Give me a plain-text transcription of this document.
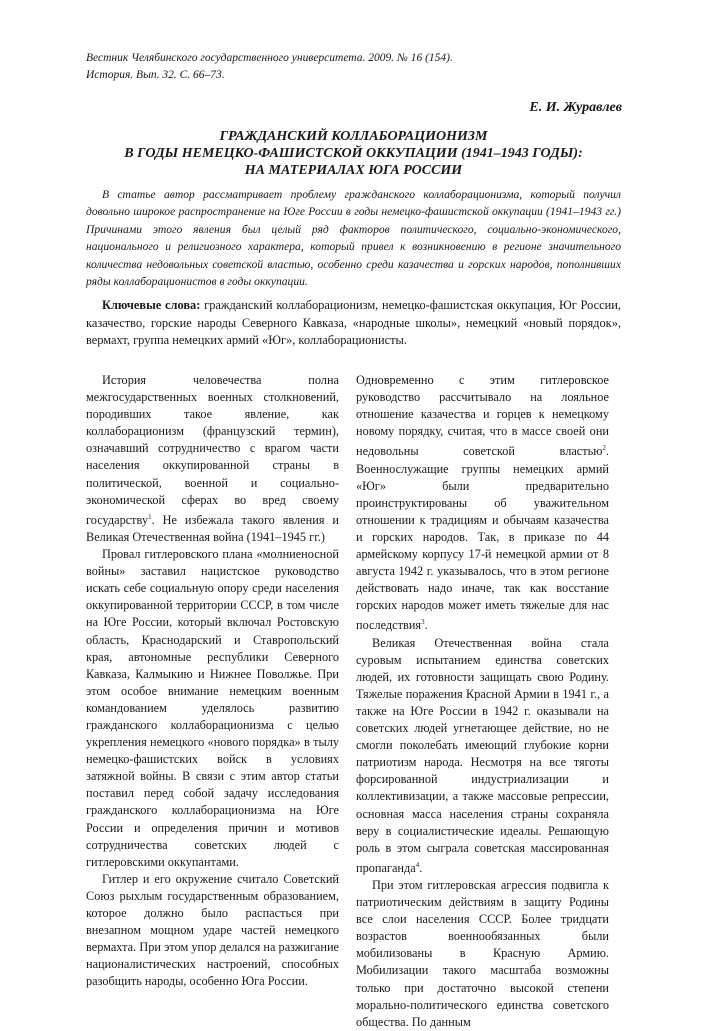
Вестник Челябинского государственного университета. 2009. № 16 (154).
История. Вып. 32. С. 66–73.
Е. И. Журавлев
ГРАЖДАНСКИЙ КОЛЛАБОРАЦИОНИЗМ
В ГОДЫ НЕМЕЦКО-ФАШИСТСКОЙ ОККУПАЦИИ (1941–1943 ГОДЫ):
НА МАТЕРИАЛАХ ЮГА РОССИИ

В статье автор рассматривает проблему гражданского коллаборационизма, который получил довольно широкое распространение на Юге России в годы немецко-фашистской оккупации (1941–1943 гг.) Причинами этого явления был целый ряд факторов политического, социально-экономического, национального и религиозного характера, который привел к возникновению в регионе значительного количества недовольных советской властью, особенно среди казачества и горских народов, пополнивших ряды коллаборационистов в годы оккупации.

Ключевые слова: гражданский коллаборационизм, немецко-фашистская оккупация, Юг России, казачество, горские народы Северного Кавказа, «народные школы», немецкий «новый порядок», вермахт, группа немецких армий «Юг», коллаборационисты.

История человечества полна межгосударственных военных столкновений, породивших такое явление, как коллаборационизм (французский термин), означавший сотрудничество с врагом части населения оккупированной страны в политической, военной и социально-экономической сферах во вред своему государству$^1$. Не избежала такого явления и Великая Отечественная война (1941–1945 гг.)

Провал гитлеровского плана «молниеносной войны» заставил нацистское руководство искать себе социальную опору среди населения оккупированной территории СССР, в том числе на Юге России, который включал Ростовскую область, Краснодарский и Ставропольский края, автономные республики Северного Кавказа, Калмыкию и Нижнее Поволжье. При этом особое внимание немецким военным командованием уделялось развитию гражданского коллаборационизма с целью укрепления немецкого «нового порядка» в тылу немецко-фашистских войск в условиях затяжной войны. В связи с этим автор статьи поставил перед собой задачу исследования гражданского коллаборационизма на Юге России и определения причин и мотивов сотрудничества советских людей с гитлеровскими оккупантами.

Гитлер и его окружение считало Советский Союз рыхлым государственным образованием, которое должно было распасться при внезапном мощном ударе частей немецкого вермахта. При этом упор делался на разжигание националистических настроений, способных разобщить народы, особенно Юга России.

Одновременно с этим гитлеровское руководство рассчитывало на лояльное отношение казачества и горцев к немецкому новому порядку, считая, что в массе своей они недовольны советской властью$^2$. Военнослужащие группы немецких армий «Юг» были предварительно проинструктированы об уважительном отношении к традициям и обычаям казачества и горских народов. Так, в приказе по 44 армейскому корпусу 17-й немецкой армии от 8 августа 1942 г. указывалось, что в этом регионе действовать надо иначе, так как восстание горских народов может иметь тяжелые для нас последствия$^3$.

Великая Отечественная война стала суровым испытанием единства советских людей, их готовности защищать свою Родину. Тяжелые поражения Красной Армии в 1941 г., а также на Юге России в 1942 г. оказывали на советских людей угнетающее действие, но не смогли поколебать имеющий глубокие корни патриотизм народа. Несмотря на все тяготы форсированной индустриализации и коллективизации, а также массовые репрессии, основная масса населения страны сохраняла веру в социалистические идеалы. Решающую роль в этом сыграла советская массированная пропаганда$^4$.

При этом гитлеровская агрессия подвигла к патриотическим действиям в защиту Родины все слои населения СССР. Более тридцати возрастов военнообязанных были мобилизованы в Красную Армию. Мобилизации такого масштаба возможны только при достаточно высокой степени морально-политического единства советского общества. По данным
